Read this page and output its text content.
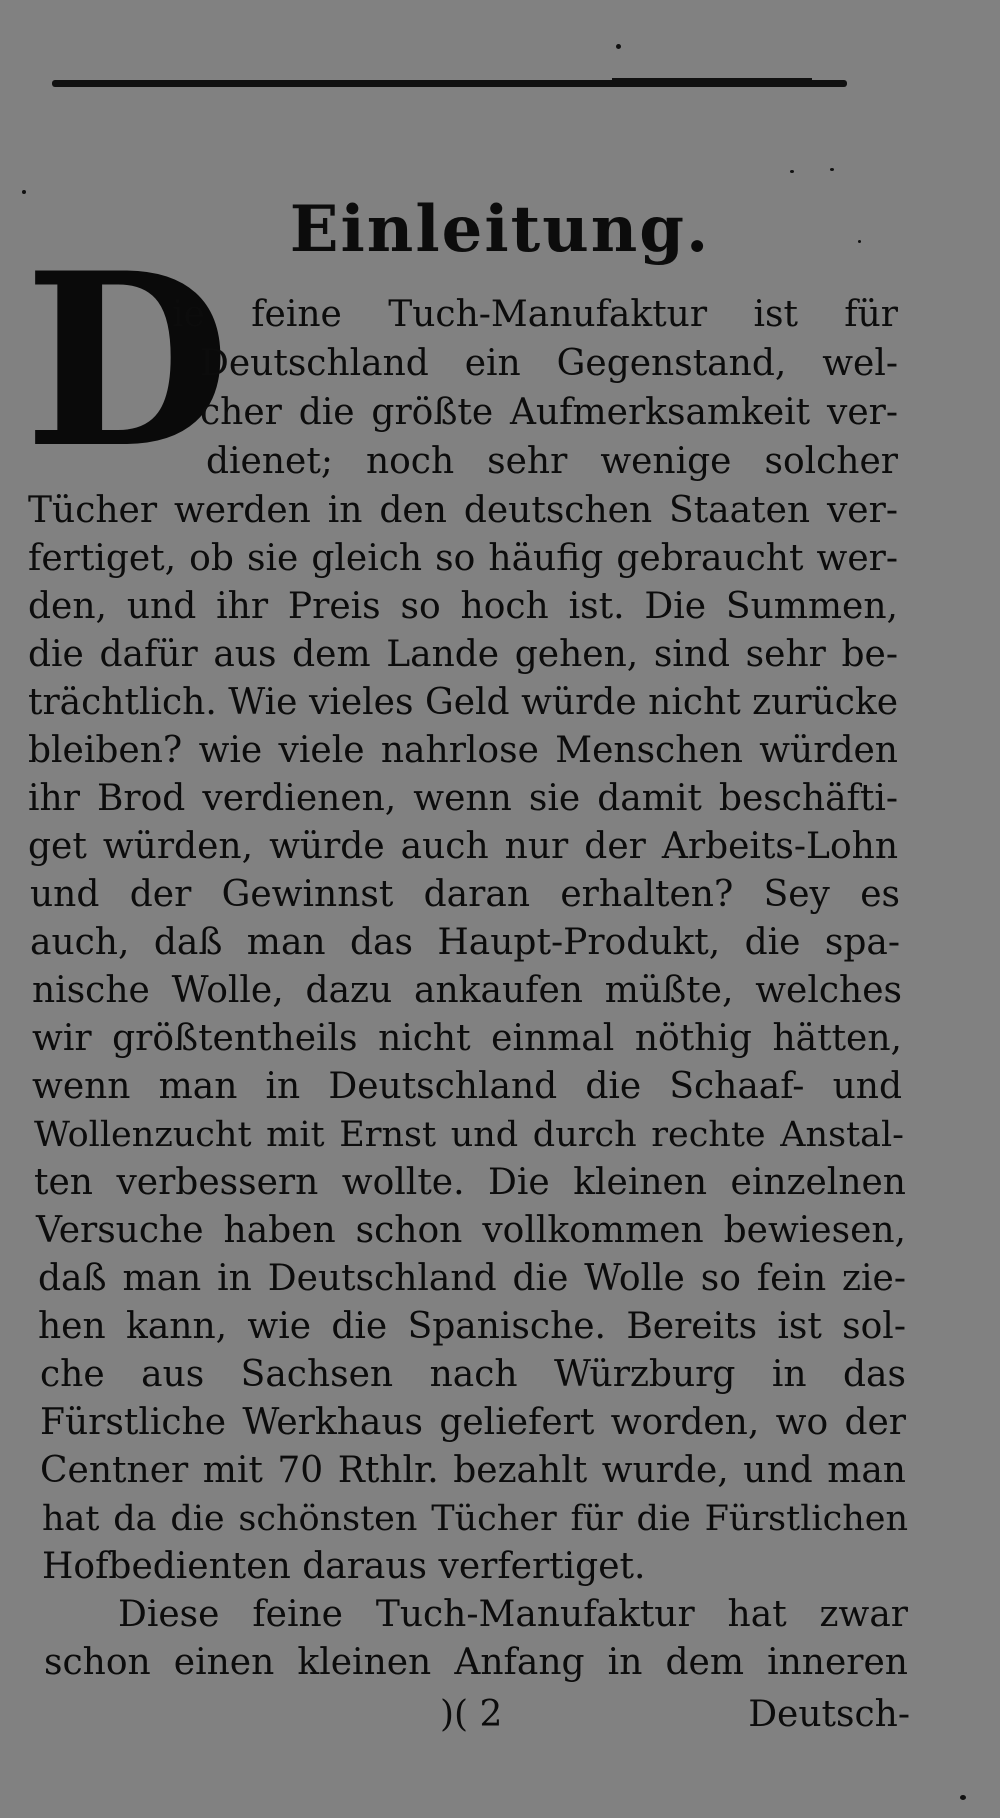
Einleitung.
D
ie feine Tuch-Manufaktur ist für
Deutschland ein Gegenstand, wel-
cher die größte Aufmerksamkeit ver-
dienet; noch sehr wenige solcher
Tücher werden in den deutschen Staaten ver-
fertiget, ob sie gleich so häufig gebraucht wer-
den, und ihr Preis so hoch ist. Die Summen,
die dafür aus dem Lande gehen, sind sehr be-
trächtlich. Wie vieles Geld würde nicht zurücke
bleiben? wie viele nahrlose Menschen würden
ihr Brod verdienen, wenn sie damit beschäfti-
get würden, würde auch nur der Arbeits-Lohn
und der Gewinnst daran erhalten? Sey es
auch, daß man das Haupt-Produkt, die spa-
nische Wolle, dazu ankaufen müßte, welches
wir größtentheils nicht einmal nöthig hätten,
wenn man in Deutschland die Schaaf- und
Wollenzucht mit Ernst und durch rechte Anstal-
ten verbessern wollte. Die kleinen einzelnen
Versuche haben schon vollkommen bewiesen,
daß man in Deutschland die Wolle so fein zie-
hen kann, wie die Spanische. Bereits ist sol-
che aus Sachsen nach Würzburg in das
Fürstliche Werkhaus geliefert worden, wo der
Centner mit 70 Rthlr. bezahlt wurde, und man
hat da die schönsten Tücher für die Fürstlichen
Hofbedienten daraus verfertiget.
Diese feine Tuch-Manufaktur hat zwar
schon einen kleinen Anfang in dem inneren
)( 2	Deutsch-
